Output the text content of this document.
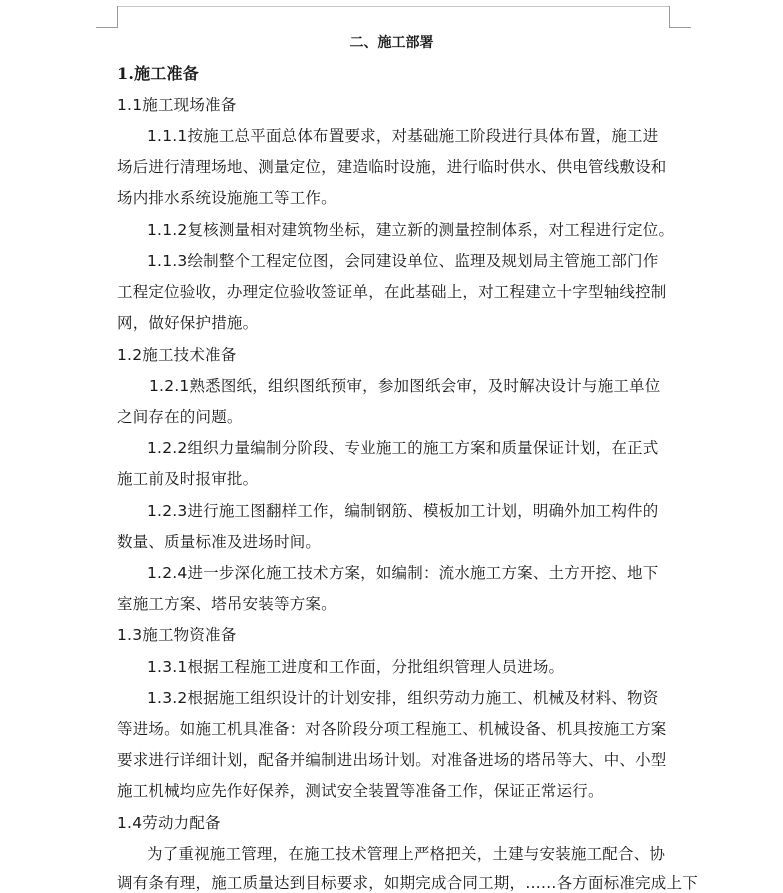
二、施工部署
1.施工准备
1.1施工现场准备
1.1.1按施工总平面总体布置要求，对基础施工阶段进行具体布置，施工进
场后进行清理场地、测量定位，建造临时设施，进行临时供水、供电管线敷设和
场内排水系统设施施工等工作。
1.1.2复核测量相对建筑物坐标，建立新的测量控制体系，对工程进行定位。
1.1.3绘制整个工程定位图，会同建设单位、监理及规划局主管施工部门作
工程定位验收，办理定位验收签证单，在此基础上，对工程建立十字型轴线控制
网，做好保护措施。
1.2施工技术准备
1.2.1熟悉图纸，组织图纸预审，参加图纸会审，及时解决设计与施工单位
之间存在的问题。
1.2.2组织力量编制分阶段、专业施工的施工方案和质量保证计划，在正式
施工前及时报审批。
1.2.3进行施工图翻样工作，编制钢筋、模板加工计划，明确外加工构件的
数量、质量标准及进场时间。
1.2.4进一步深化施工技术方案，如编制：流水施工方案、土方开挖、地下
室施工方案、塔吊安装等方案。
1.3施工物资准备
1.3.1根据工程施工进度和工作面，分批组织管理人员进场。
1.3.2根据施工组织设计的计划安排，组织劳动力施工、机械及材料、物资
等进场。如施工机具准备：对各阶段分项工程施工、机械设备、机具按施工方案
要求进行详细计划，配备并编制进出场计划。对准备进场的塔吊等大、中、小型
施工机械均应先作好保养，测试安全装置等准备工作，保证正常运行。
1.4劳动力配备
为了重视施工管理，在施工技术管理上严格把关，土建与安装施工配合、协
调有条有理，施工质量达到目标要求，如期完成合同工期，……各方面标准完成上下
